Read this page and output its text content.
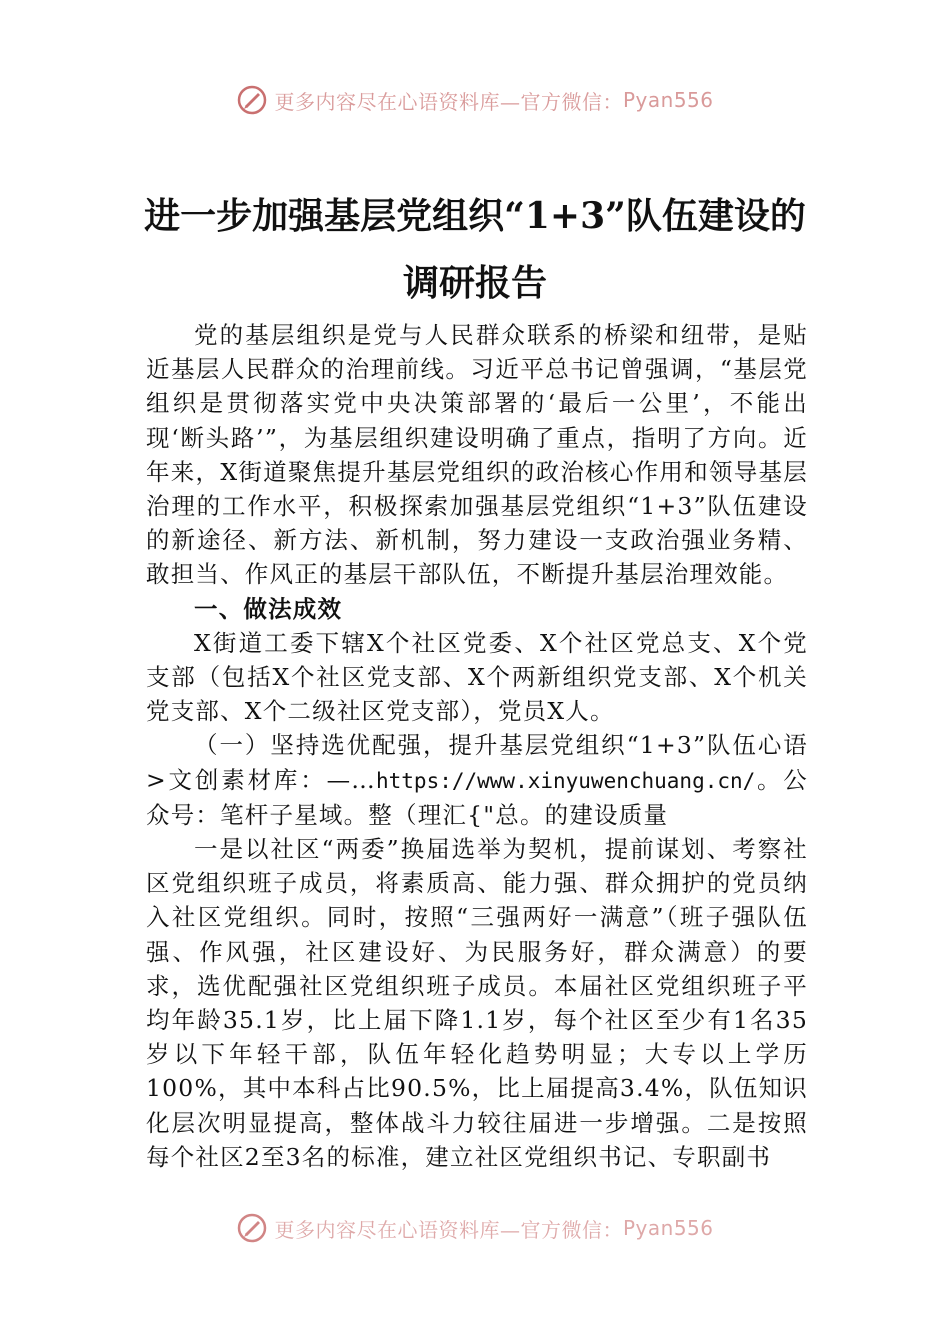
更多内容尽在心语资料库—官方微信： Pyan556
进一步加强基层党组织“1+3”队伍建设的
调研报告

党的基层组织是党与人民群众联系的桥梁和纽带，是贴近基层人民群众的治理前线。习近平总书记曾强调，“基层党组织是贯彻落实党中央决策部署的‘最后一公里’，不能出现‘断头路’”，为基层组织建设明确了重点，指明了方向。近年来，X街道聚焦提升基层党组织的政治核心作用和领导基层治理的工作水平，积极探索加强基层党组织“1+3”队伍建设的新途径、新方法、新机制，努力建设一支政治强业务精、敢担当、作风正的基层干部队伍，不断提升基层治理效能。

一、做法成效

X街道工委下辖X个社区党委、X个社区党总支、X个党支部（包括X个社区党支部、X个两新组织党支部、X个机关党支部、X个二级社区党支部），党员X人。

（一）坚持选优配强，提升基层党组织“1+3”队伍心语>文创素材库：—…https://www.xinyuwenchuang.cn/。公众号：笔杆子星域。整（理汇{"总。的建设质量

一是以社区“两委”换届选举为契机，提前谋划、考察社区党组织班子成员，将素质高、能力强、群众拥护的党员纳入社区党组织。同时，按照“三强两好一满意”（班子强队伍强、作风强，社区建设好、为民服务好，群众满意）的要求，选优配强社区党组织班子成员。本届社区党组织班子平均年龄35.1岁，比上届下降1.1岁，每个社区至少有1名35岁以下年轻干部，队伍年轻化趋势明显；大专以上学历100%，其中本科占比90.5%，比上届提高3.4%，队伍知识化层次明显提高，整体战斗力较往届进一步增强。二是按照每个社区2至3名的标准，建立社区党组织书记、专职副书

更多内容尽在心语资料库—官方微信： Pyan556
